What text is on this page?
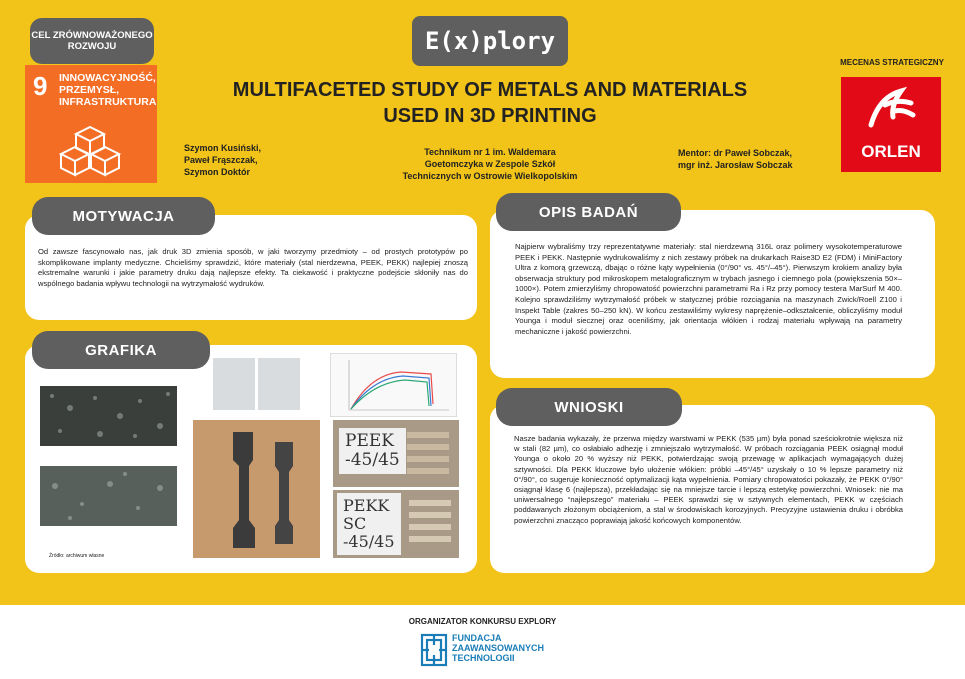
CEL ZRÓWNOWAŻONEGO ROZWOJU
9 INNOWACYJNOŚĆ, PRZEMYSŁ, INFRASTRUKTURA
E(x)plory
MULTIFACETED STUDY OF METALS AND MATERIALS
USED IN 3D PRINTING
MECENAS STRATEGICZNY
ORLEN
Szymon Kusiński,
Paweł Frąszczak,
Szymon Doktór
Technikum nr 1 im. Waldemara
Goetomczyka w Zespole Szkół
Technicznych w Ostrowie Wielkopolskim
Mentor: dr Paweł Sobczak,
mgr inż. Jarosław Sobczak
MOTYWACJA
Od zawsze fascynowało nas, jak druk 3D zmienia sposób, w jaki tworzymy przedmioty – od prostych prototypów po skomplikowane implanty medyczne. Chcieliśmy sprawdzić, które materiały (stal nierdzewna, PEEK, PEKK) najlepiej znoszą ekstremalne warunki i jakie parametry druku dają najlepsze efekty. Ta ciekawość i praktyczne podejście skłoniły nas do wspólnego badania wpływu technologii na wytrzymałość wydruków.
GRAFIKA
Źródło: archiwum własne
PEEK
-45/45
PEKK
SC
-45/45
OPIS BADAŃ
Najpierw wybraliśmy trzy reprezentatywne materiały: stal nierdzewną 316L oraz polimery wysokotemperaturowe PEEK i PEKK. Następnie wydrukowaliśmy z nich zestawy próbek na drukarkach Raise3D E2 (FDM) i MiniFactory Ultra z komorą grzewczą, dbając o różne kąty wypełnienia (0°/90° vs. 45°/–45°). Pierwszym krokiem analizy była obserwacja struktury pod mikroskopem metalograficznym w trybach jasnego i ciemnego pola (powiększenia 50×–1000×). Potem zmierzyliśmy chropowatość powierzchni parametrami Ra i Rz przy pomocy testera MarSurf M 400. Kolejno sprawdziliśmy wytrzymałość próbek w statycznej próbie rozciągania na maszynach Zwick/Roell Z100 i Inspekt Table (zakres 50–250 kN). W końcu zestawiliśmy wykresy naprężenie–odkształcenie, obliczyliśmy moduł Younga i moduł siecznej oraz oceniliśmy, jak orientacja włókien i rodzaj materiału wpływają na parametry mechaniczne i jakość powierzchni.
WNIOSKI
Nasze badania wykazały, że przerwa między warstwami w PEKK (535 µm) była ponad sześciokrotnie większa niż w stali (82 µm), co osłabiało adhezję i zmniejszało wytrzymałość. W próbach rozciągania PEEK osiągnął moduł Younga o około 20 % wyższy niż PEKK, potwierdzając swoją przewagę w aplikacjach wymagających dużej sztywności. Dla PEKK kluczowe było ułożenie włókien: próbki –45°/45° uzyskały o 10 % lepsze parametry niż 0°/90°, co sugeruje konieczność optymalizacji kąta wypełnienia. Pomiary chropowatości pokazały, że PEKK 0°/90° osiągnął klasę 6 (najlepsza), przekładając się na mniejsze tarcie i lepszą estetykę powierzchni. Wniosek: nie ma uniwersalnego “najlepszego” materiału – PEEK sprawdzi się w sztywnych elementach, PEKK w częściach poddawanych złożonym obciążeniom, a stal w środowiskach korozyjnych. Precyzyjne ustawienia druku i obróbka powierzchni znacząco poprawiają jakość końcowych komponentów.
ORGANIZATOR KONKURSU EXPLORY
FUNDACJA
ZAAWANSOWANYCH
TECHNOLOGII
